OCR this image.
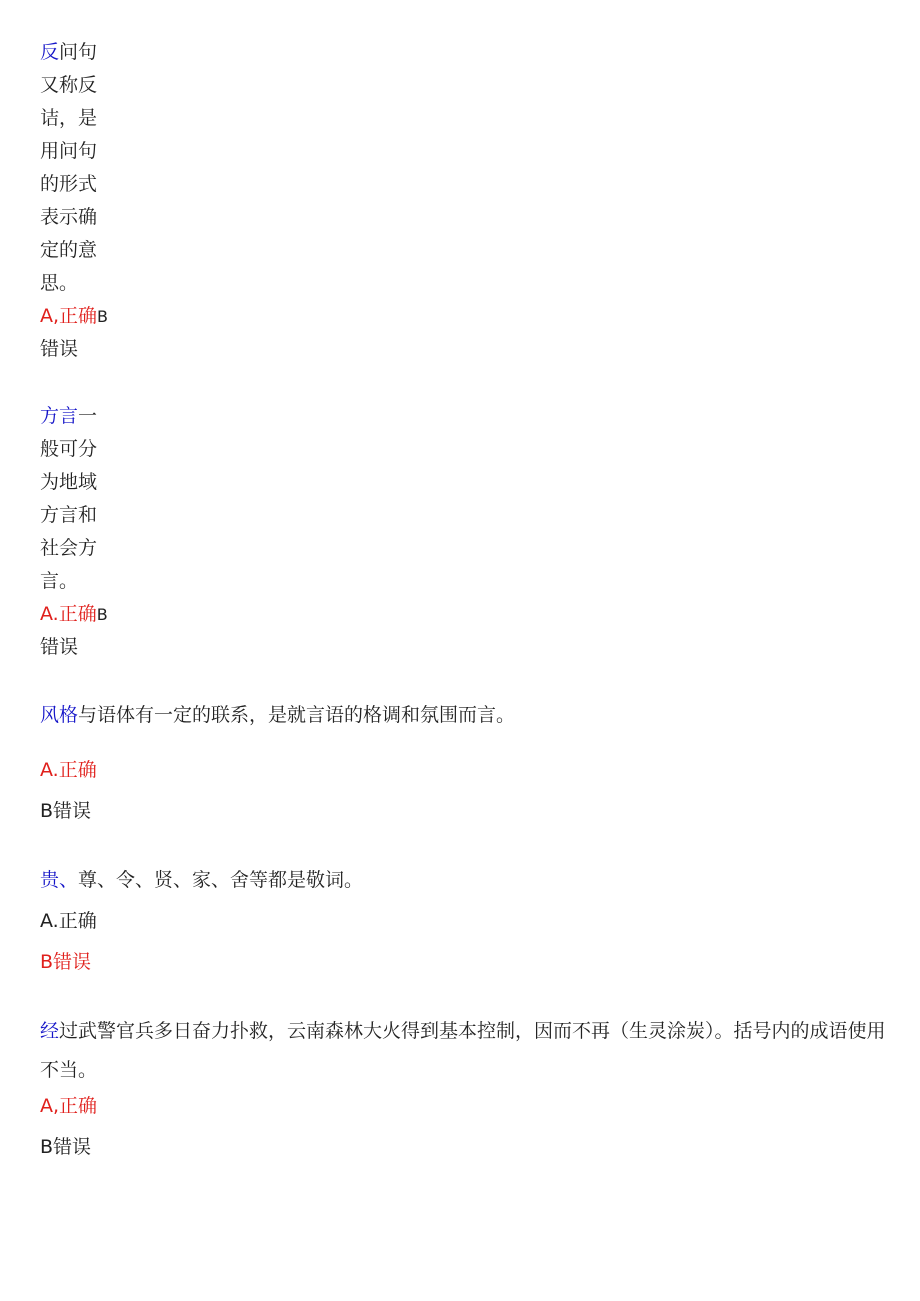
反问句
又称反
诘，是
用问句
的形式
表示确
定的意
思。
A,正确B
错误
方言一
般可分
为地域
方言和
社会方
言。
A.正确B
错误
风格与语体有一定的联系，是就言语的格调和氛围而言。
A.正确
B错误
贵、尊、令、贤、家、舍等都是敬词。
A.正确
B错误
经过武警官兵多日奋力扑救，云南森林大火得到基本控制，因而不再（生灵涂炭）。括号内的成语使用
不当。
A,正确
B错误
